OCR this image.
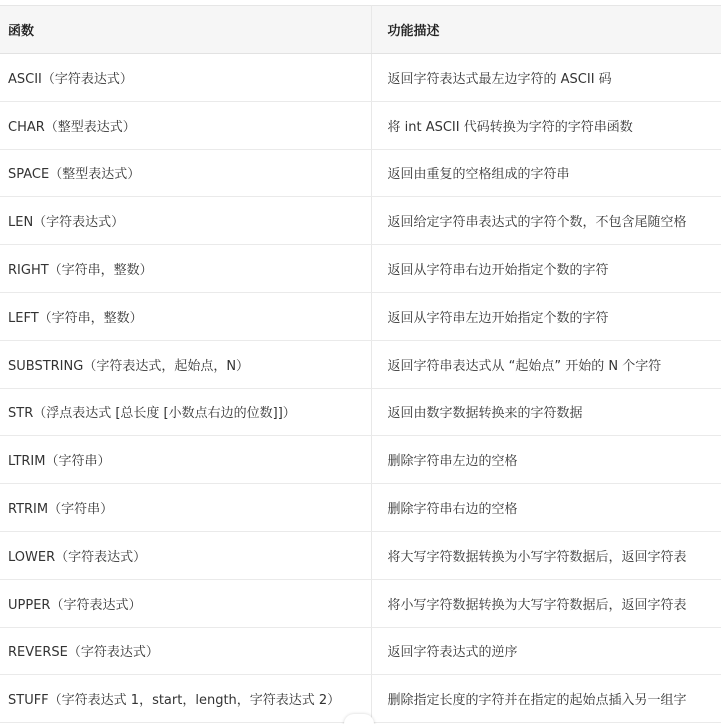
函数	功能描述
ASCII（字符表达式）	返回字符表达式最左边字符的 ASCII 码
CHAR（整型表达式）	将 int ASCII 代码转换为字符的字符串函数
SPACE（整型表达式）	返回由重复的空格组成的字符串
LEN（字符表达式）	返回给定字符串表达式的字符个数，不包含尾随空格
RIGHT（字符串，整数）	返回从字符串右边开始指定个数的字符
LEFT（字符串，整数）	返回从字符串左边开始指定个数的字符
SUBSTRING（字符表达式，起始点，N）	返回字符串表达式从 “起始点” 开始的 N 个字符
STR（浮点表达式 [总长度 [小数点右边的位数]]）	返回由数字数据转换来的字符数据
LTRIM（字符串）	删除字符串左边的空格
RTRIM（字符串）	删除字符串右边的空格
LOWER（字符表达式）	将大写字符数据转换为小写字符数据后，返回字符表
UPPER（字符表达式）	将小写字符数据转换为大写字符数据后，返回字符表
REVERSE（字符表达式）	返回字符表达式的逆序
STUFF（字符表达式 1，start，length，字符表达式 2）	删除指定长度的字符并在指定的起始点插入另一组字
